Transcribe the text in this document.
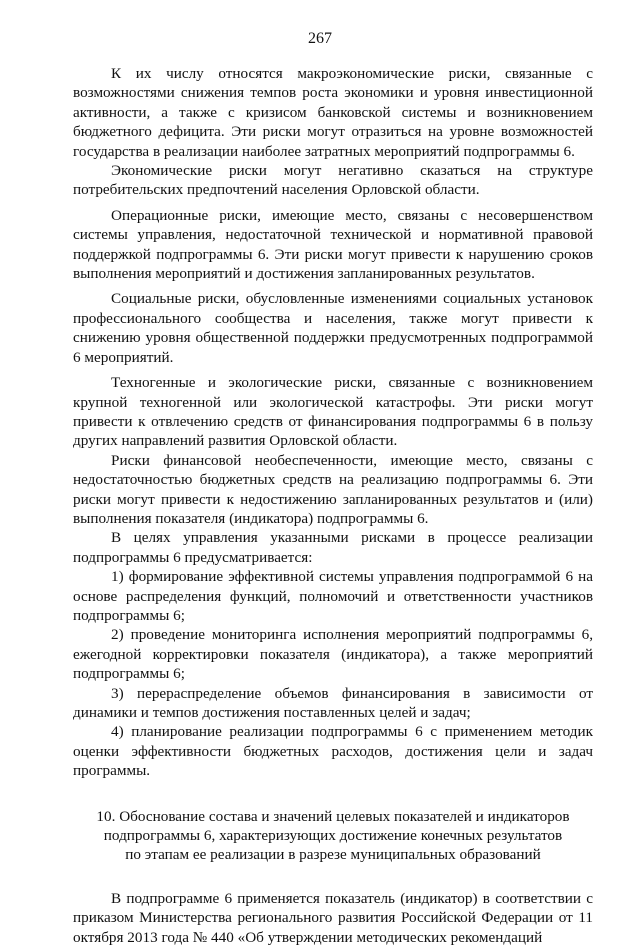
267

К их числу относятся макроэкономические риски, связанные с возможностями снижения темпов роста экономики и уровня инвестиционной активности, а также с кризисом банковской системы и возникновением бюджетного дефицита. Эти риски могут отразиться на уровне возможностей государства в реализации наиболее затратных мероприятий подпрограммы 6.

Экономические риски могут негативно сказаться на структуре потребительских предпочтений населения Орловской области.

Операционные риски, имеющие место, связаны с несовершенством системы управления, недостаточной технической и нормативной правовой поддержкой подпрограммы 6. Эти риски могут привести к нарушению сроков выполнения мероприятий и достижения запланированных результатов.

Социальные риски, обусловленные изменениями социальных установок профессионального сообщества и населения, также могут привести к снижению уровня общественной поддержки предусмотренных подпрограммой 6 мероприятий.

Техногенные и экологические риски, связанные с возникновением крупной техногенной или экологической катастрофы. Эти риски могут привести к отвлечению средств от финансирования подпрограммы 6 в пользу других направлений развития Орловской области.

Риски финансовой необеспеченности, имеющие место, связаны с недостаточностью бюджетных средств на реализацию подпрограммы 6. Эти риски могут привести к недостижению запланированных результатов и (или) выполнения показателя (индикатора) подпрограммы 6.

В целях управления указанными рисками в процессе реализации подпрограммы 6 предусматривается:

1) формирование эффективной системы управления подпрограммой 6 на основе распределения функций, полномочий и ответственности участников подпрограммы 6;

2) проведение мониторинга исполнения мероприятий подпрограммы 6, ежегодной корректировки показателя (индикатора), а также мероприятий подпрограммы 6;

3) перераспределение объемов финансирования в зависимости от динамики и темпов достижения поставленных целей и задач;

4) планирование реализации подпрограммы 6 с применением методик оценки эффективности бюджетных расходов, достижения цели и задач программы.

10. Обоснование состава и значений целевых показателей и индикаторов
подпрограммы 6, характеризующих достижение конечных результатов
по этапам ее реализации в разрезе муниципальных образований

В подпрограмме 6 применяется показатель (индикатор) в соответствии с приказом Министерства регионального развития Российской Федерации от 11 октября 2013 года № 440 «Об утверждении методических рекомендаций
